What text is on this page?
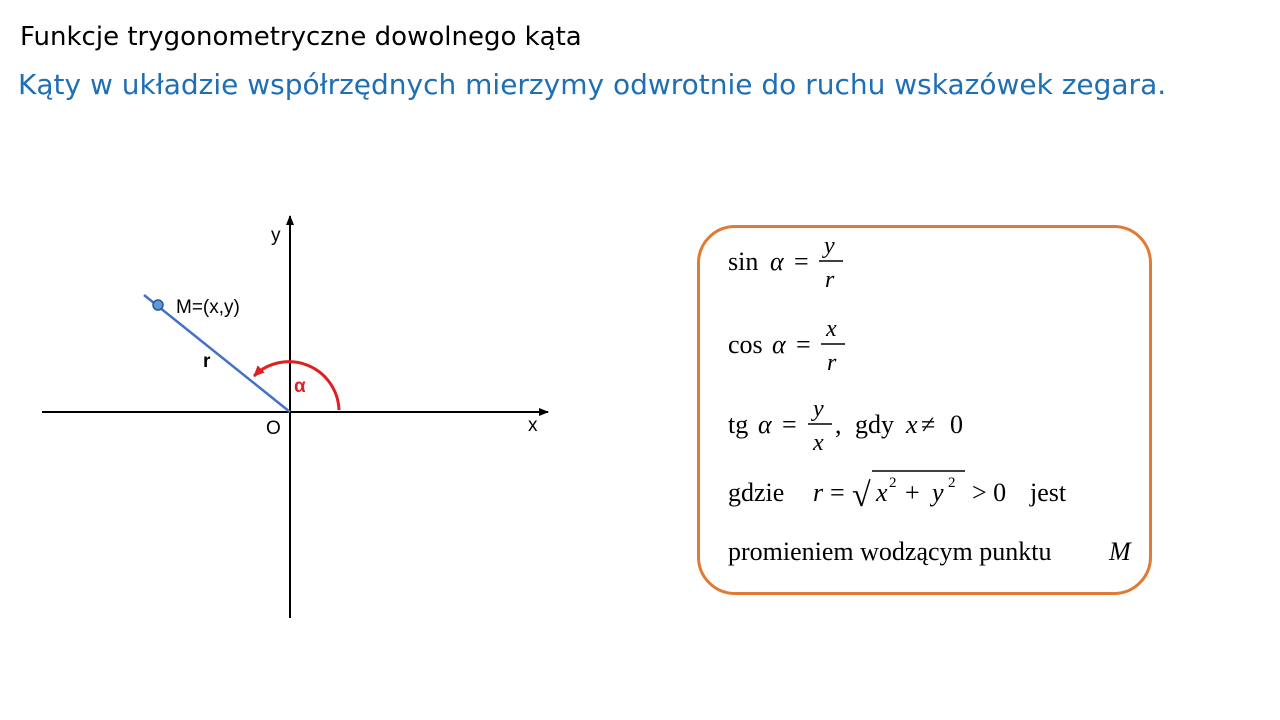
Funkcje trygonometryczne dowolnego kąta
Kąty w układzie współrzędnych mierzymy odwrotnie do ruchu wskazówek zegara.
y
x
O
M=(x,y)
r
α
sin α =
y
r
cos α =
x
r
tg α =
y
x
, gdy x ≠ 0
gdzie r = √ x 2 + y 2 > 0 jest
promieniem wodzącym punktu M
